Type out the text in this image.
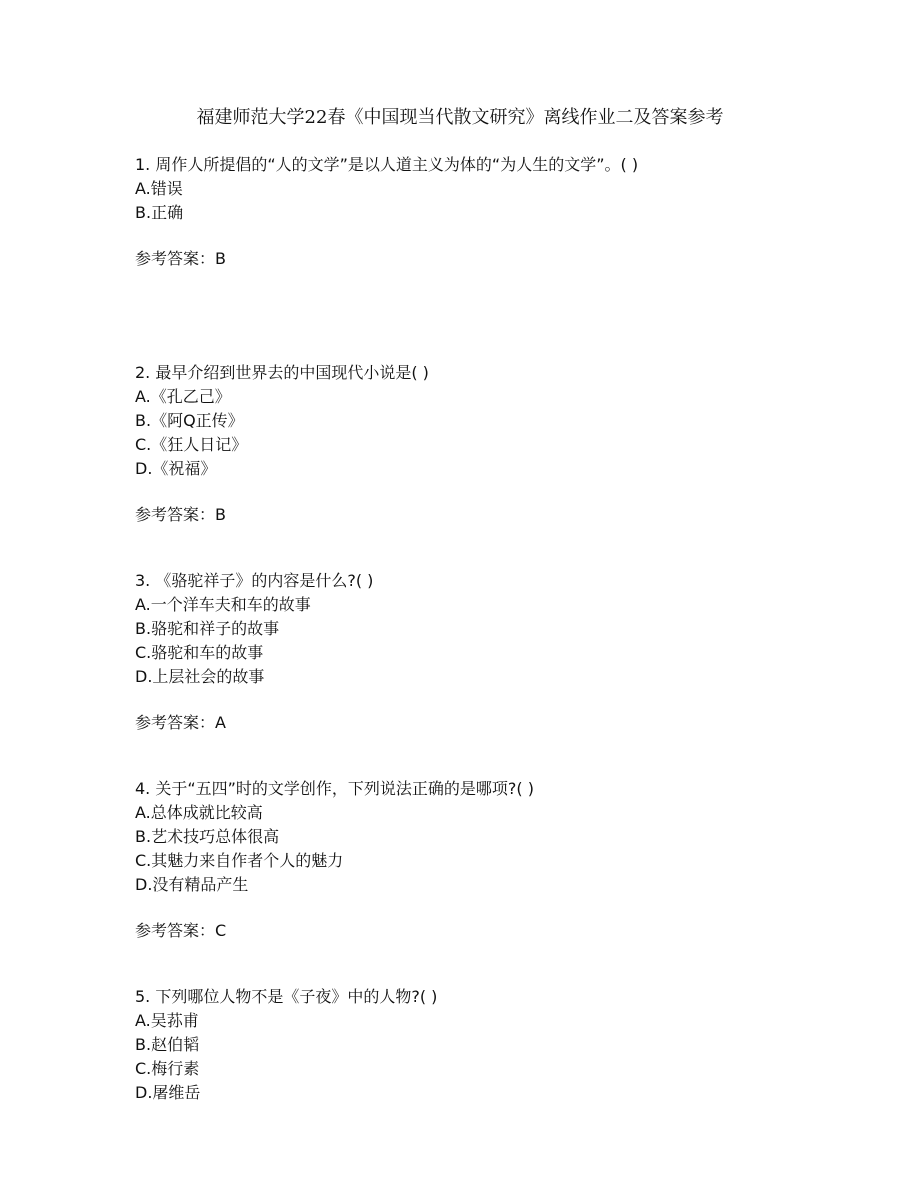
福建师范大学22春《中国现当代散文研究》离线作业二及答案参考
1. 周作人所提倡的“人的文学”是以人道主义为体的“为人生的文学”。( )
A.错误
B.正确
参考答案：B
2. 最早介绍到世界去的中国现代小说是( )
A.《孔乙己》
B.《阿Q正传》
C.《狂人日记》
D.《祝福》
参考答案：B
3. 《骆驼祥子》的内容是什么?( )
A.一个洋车夫和车的故事
B.骆驼和祥子的故事
C.骆驼和车的故事
D.上层社会的故事
参考答案：A
4. 关于“五四”时的文学创作，下列说法正确的是哪项?( )
A.总体成就比较高
B.艺术技巧总体很高
C.其魅力来自作者个人的魅力
D.没有精品产生
参考答案：C
5. 下列哪位人物不是《子夜》中的人物?( )
A.吴荪甫
B.赵伯韬
C.梅行素
D.屠维岳
